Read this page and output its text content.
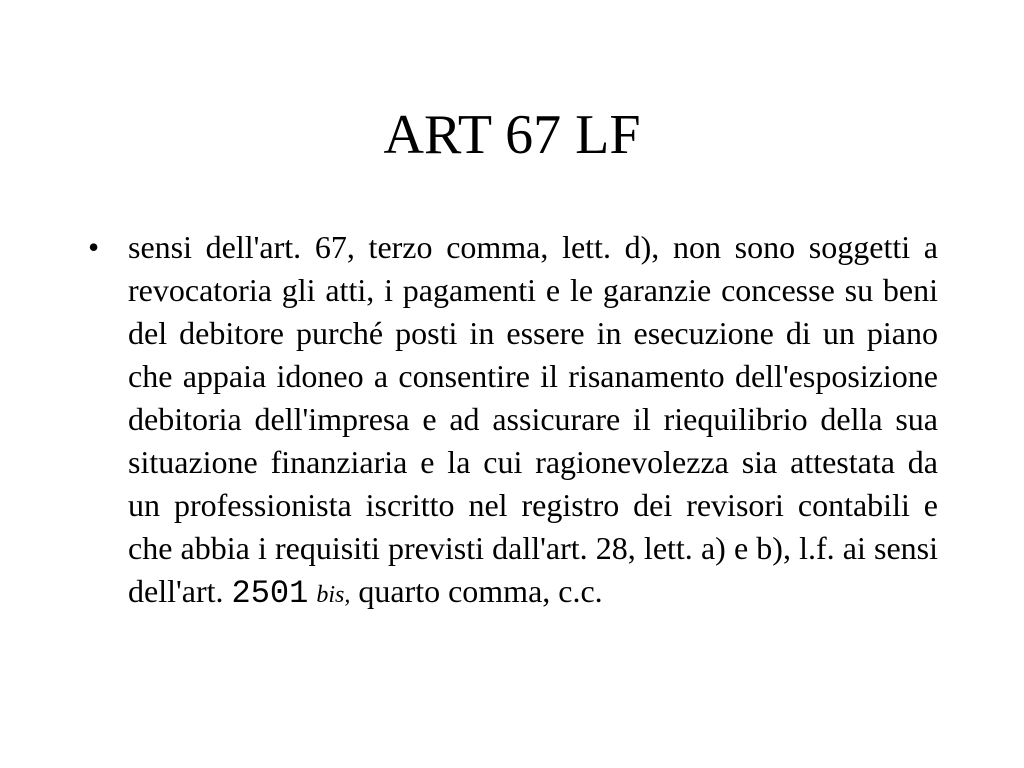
ART 67 LF
• sensi dell'art. 67, terzo comma, lett. d), non sono soggetti a revocatoria gli atti, i pagamenti e le garanzie concesse su beni del debitore purché posti in essere in esecuzione di un piano che appaia idoneo a consentire il risanamento dell'esposizione debitoria dell'impresa e ad assicurare il riequilibrio della sua situazione finanziaria e la cui ragionevolezza sia attestata da un professionista iscritto nel registro dei revisori contabili e che abbia i requisiti previsti dall'art. 28, lett. a) e b), l.f. ai sensi dell'art. 2501 bis, quarto comma, c.c.
